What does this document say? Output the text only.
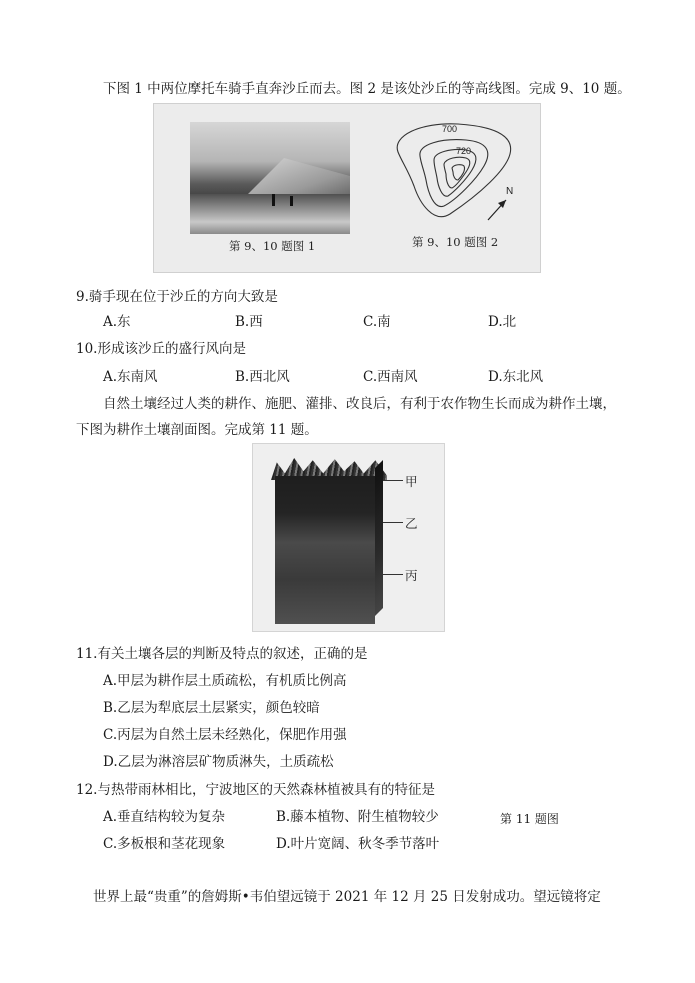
下图 1 中两位摩托车骑手直奔沙丘而去。图 2 是该处沙丘的等高线图。完成 9、10 题。
第 9、10 题图 1
700
720
N
第 9、10 题图 2
9.骑手现在位于沙丘的方向大致是
A.东	B.西	C.南	D.北
10.形成该沙丘的盛行风向是
A.东南风	B.西北风	C.西南风	D.东北风
自然土壤经过人类的耕作、施肥、灌排、改良后，有利于农作物生长而成为耕作土壤，
下图为耕作土壤剖面图。完成第 11 题。
甲
乙
丙
11.有关土壤各层的判断及特点的叙述，正确的是
A.甲层为耕作层土质疏松，有机质比例高
B.乙层为犁底层土层紧实，颜色较暗
C.丙层为自然土层未经熟化，保肥作用强
D.乙层为淋溶层矿物质淋失，土质疏松
12.与热带雨林相比，宁波地区的天然森林植被具有的特征是
A.垂直结构较为复杂	B.藤本植物、附生植物较少	第 11 题图
C.多板根和茎花现象	D.叶片宽阔、秋冬季节落叶
世界上最“贵重”的詹姆斯•韦伯望远镜于 2021 年 12 月 25 日发射成功。望远镜将定
